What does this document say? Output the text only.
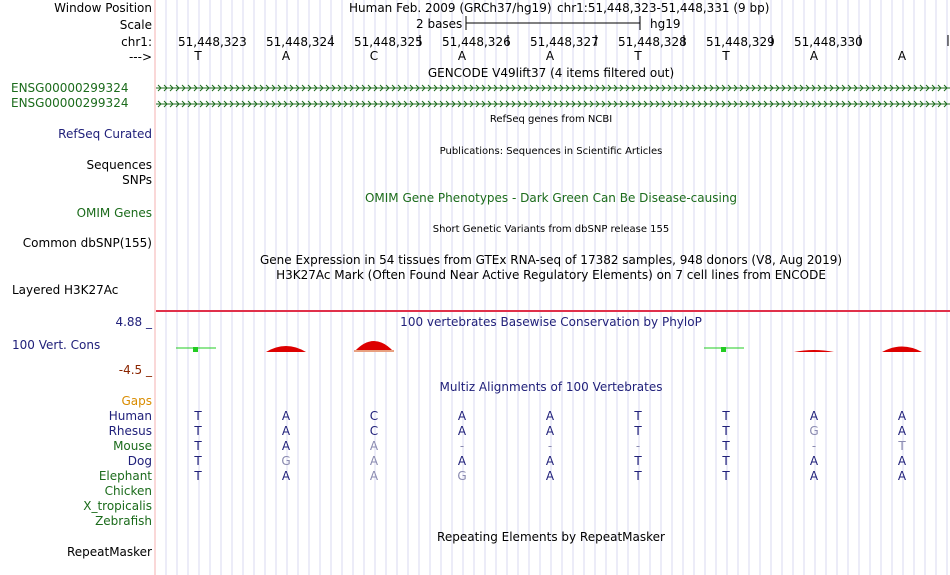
Window Position
Scale
chr1:
--->
Human Feb. 2009 (GRCh37/hg19) chr1:51,448,323-51,448,331 (9 bp)
2 bases	hg19
51,448,323 51,448,324 51,448,325 51,448,326 51,448,327 51,448,328 51,448,329 51,448,330
T	A	C	A	A	T	T	A	A
GENCODE V49lift37 (4 items filtered out)
ENSG00000299324
ENSG00000299324
RefSeq Curated
RefSeq genes from NCBI
Sequences
Publications: Sequences in Scientific Articles
SNPs
OMIM Gene Phenotypes - Dark Green Can Be Disease-causing
OMIM Genes
Short Genetic Variants from dbSNP release 155
Common dbSNP(155)
Gene Expression in 54 tissues from GTEx RNA-seq of 17382 samples, 948 donors (V8, Aug 2019)
H3K27Ac Mark (Often Found Near Active Regulatory Elements) on 7 cell lines from ENCODE
Layered H3K27Ac
4.88 _	100 vertebrates Basewise Conservation by PhyloP
100 Vert. Cons
-4.5 _
Multiz Alignments of 100 Vertebrates
Gaps
Human	T	A	C	A	A	T	T	A	A
Rhesus	T	A	C	A	A	T	T	G	A
Mouse	T	A	A	-	-	-	T	-	T
Dog	T	G	A	A	A	T	T	A	A
Elephant	T	A	A	G	A	T	T	A	A
Chicken
X_tropicalis
Zebrafish
Repeating Elements by RepeatMasker
RepeatMasker
